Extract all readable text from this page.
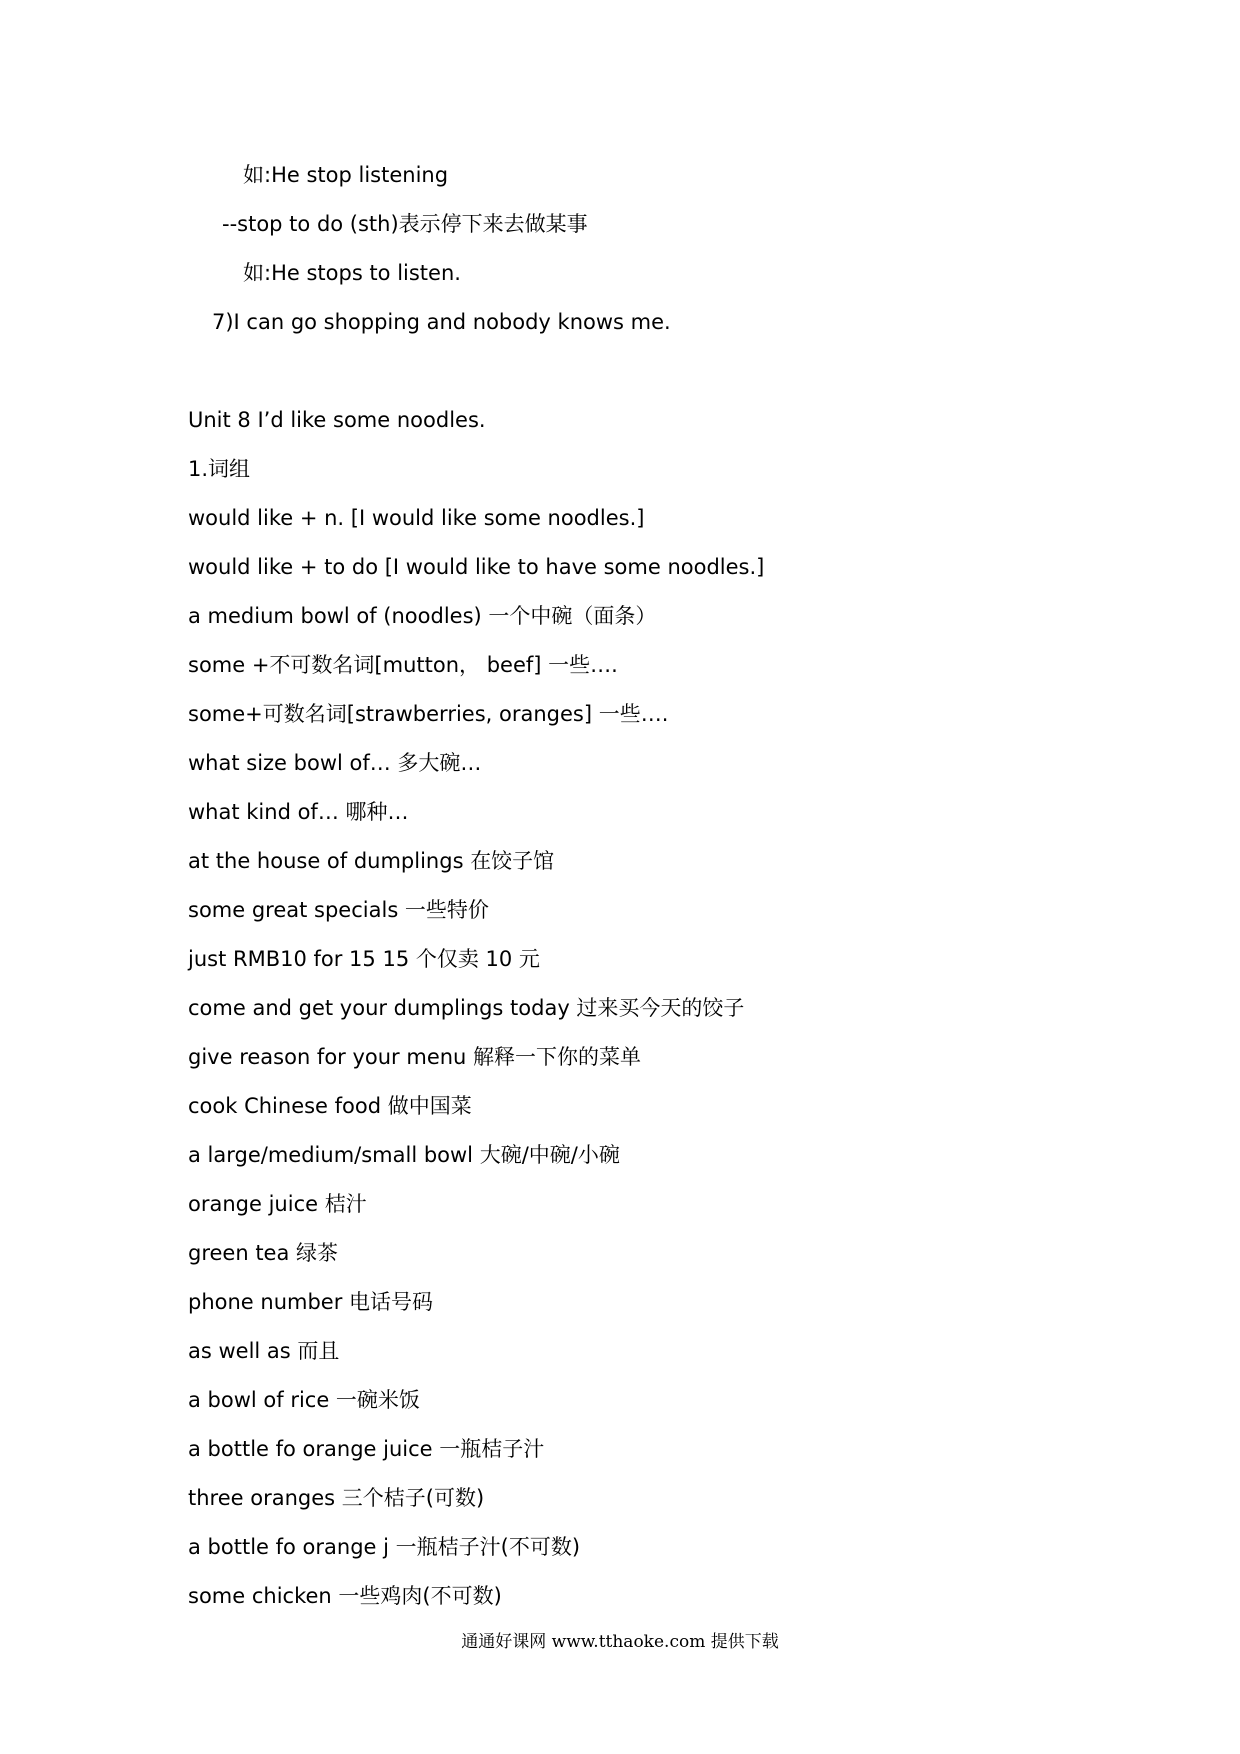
如:He stop listening
--stop to do (sth)表示停下来去做某事
如:He stops to listen.
7)I can go shopping and nobody knows me.
Unit 8 I’d like some noodles.
1.词组
would like + n. [I would like some noodles.]
would like + to do [I would like to have some noodles.]
a medium bowl of (noodles) 一个中碗（面条）
some +不可数名词[mutton， beef] 一些….
some+可数名词[strawberries, oranges] 一些….
what size bowl of… 多大碗…
what kind of… 哪种…
at the house of dumplings 在饺子馆
some great specials 一些特价
just RMB10 for 15 15 个仅卖 10 元
come and get your dumplings today 过来买今天的饺子
give reason for your menu 解释一下你的菜单
cook Chinese food 做中国菜
a large/medium/small bowl 大碗/中碗/小碗
orange juice 桔汁
green tea 绿茶
phone number 电话号码
as well as 而且
a bowl of rice 一碗米饭
a bottle fo orange juice 一瓶桔子汁
three oranges 三个桔子(可数)
a bottle fo orange j 一瓶桔子汁(不可数)
some chicken 一些鸡肉(不可数)
通通好课网 www.tthaoke.com 提供下载
